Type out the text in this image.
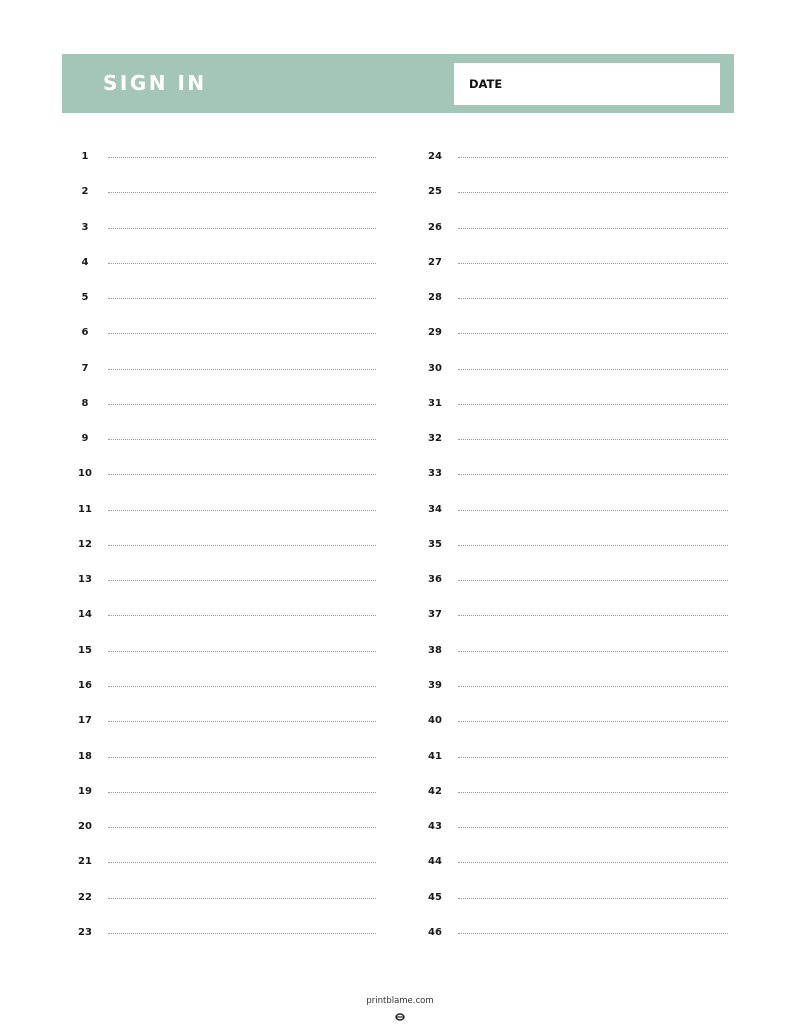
SIGN IN	DATE
1
2
3
4
5
6
7
8
9
10
11
12
13
14
15
16
17
18
19
20
21
22
23
24
25
26
27
28
29
30
31
32
33
34
35
36
37
38
39
40
41
42
43
44
45
46
printblame.com
